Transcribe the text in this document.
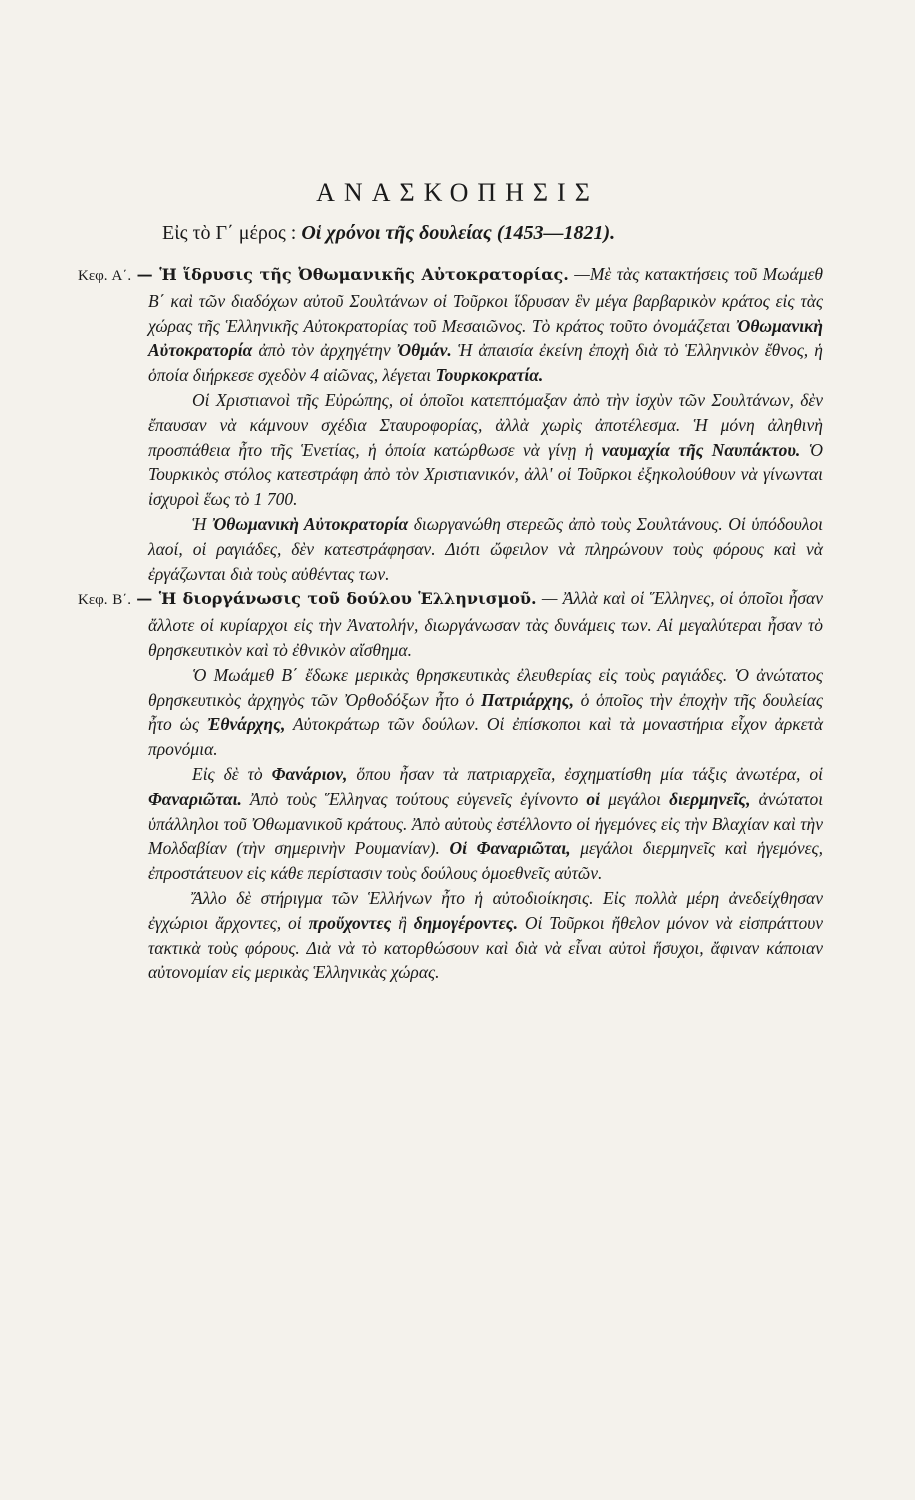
ΑΝΑΣΚΟΠΗΣΙΣ
Εἰς τὸ Γ΄ μέρος : Οἱ χρόνοι τῆς δουλείας (1453—1821).

Κεφ. Α΄. — Ἡ ἵδρυσις τῆς Ὀθωμανικῆς Αὐτοκρατορίας. —Μὲ τὰς κατακτήσεις τοῦ Μωάμεθ Β΄ καὶ τῶν διαδόχων αὐτοῦ Σουλτάνων οἱ Τοῦρκοι ἵδρυσαν ἓν μέγα βαρβαρικὸν κράτος εἰς τὰς χώρας τῆς Ἑλληνικῆς Αὐτοκρατορίας τοῦ Μεσαιῶνος. Τὸ κράτος τοῦτο ὀνομάζεται Ὀθωμανικὴ Αὐτοκρατορία ἀπὸ τὸν ἀρχηγέτην Ὀθμάν. Ἡ ἀπαισία ἐκείνη ἐποχὴ διὰ τὸ Ἑλληνικὸν ἔθνος, ἡ ὁποία διήρκεσε σχεδὸν 4 αἰῶνας, λέγεται Τουρκοκρατία.

Οἱ Χριστιανοὶ τῆς Εὐρώπης, οἱ ὁποῖοι κατεπτόμαξαν ἀπὸ τὴν ἰσχὺν τῶν Σουλτάνων, δὲν ἔπαυσαν νὰ κάμνουν σχέδια Σταυροφορίας, ἀλλὰ χωρὶς ἀποτέλεσμα. Ἡ μόνη ἀληθινὴ προσπάθεια ἦτο τῆς Ἑνετίας, ἡ ὁποία κατώρθωσε νὰ γίνῃ ἡ ναυμαχία τῆς Ναυπάκτου. Ὁ Τουρκικὸς στόλος κατεστράφη ἀπὸ τὸν Χριστιανικόν, ἀλλ' οἱ Τοῦρκοι ἐξηκολούθουν νὰ γίνωνται ἰσχυροὶ ἕως τὸ 1 700.

Ἡ Ὀθωμανικὴ Αὐτοκρατορία διωργανώθη στερεῶς ἀπὸ τοὺς Σουλτάνους. Οἱ ὑπόδουλοι λαοί, οἱ ραγιάδες, δὲν κατεστράφησαν. Διότι ὤφειλον νὰ πληρώνουν τοὺς φόρους καὶ νὰ ἐργάζωνται διὰ τοὺς αὐθέντας των.

Κεφ. Β΄. — Ἡ διοργάνωσις τοῦ δούλου Ἑλληνισμοῦ. — Ἀλλὰ καὶ οἱ Ἕλληνες, οἱ ὁποῖοι ἦσαν ἄλλοτε οἱ κυρίαρχοι εἰς τὴν Ἀνατολήν, διωργάνωσαν τὰς δυνάμεις των. Αἱ μεγαλύτεραι ἦσαν τὸ θρησκευτικὸν καὶ τὸ ἐθνικὸν αἴσθημα.

Ὁ Μωάμεθ Β΄ ἔδωκε μερικὰς θρησκευτικὰς ἐλευθερίας εἰς τοὺς ραγιάδες. Ὁ ἀνώτατος θρησκευτικὸς ἀρχηγὸς τῶν Ὀρθοδόξων ἦτο ὁ Πατριάρχης, ὁ ὁποῖος τὴν ἐποχὴν τῆς δουλείας ἦτο ὡς Ἐθνάρχης, Αὐτοκράτωρ τῶν δούλων. Οἱ ἐπίσκοποι καὶ τὰ μοναστήρια εἶχον ἀρκετὰ προνόμια.

Εἰς δὲ τὸ Φανάριον, ὅπου ἦσαν τὰ πατριαρχεῖα, ἐσχηματίσθη μία τάξις ἀνωτέρα, οἱ Φαναριῶται. Ἀπὸ τοὺς Ἕλληνας τούτους εὐγενεῖς ἐγίνοντο οἱ μεγάλοι διερμηνεῖς, ἀνώτατοι ὑπάλληλοι τοῦ Ὀθωμανικοῦ κράτους. Ἀπὸ αὐτοὺς ἐστέλλοντο οἱ ἡγεμόνες εἰς τὴν Βλαχίαν καὶ τὴν Μολδαβίαν (τὴν σημερινὴν Ρουμανίαν). Οἱ Φαναριῶται, μεγάλοι διερμηνεῖς καὶ ἡγεμόνες, ἐπροστάτευον εἰς κάθε περίστασιν τοὺς δούλους ὁμοεθνεῖς αὐτῶν.

Ἄλλο δὲ στήριγμα τῶν Ἑλλήνων ἦτο ἡ αὐτοδιοίκησις. Εἰς πολλὰ μέρη ἀνεδείχθησαν ἐγχώριοι ἄρχοντες, οἱ προὔχοντες ἢ δημογέροντες. Οἱ Τοῦρκοι ἤθελον μόνον νὰ εἰσπράττουν τακτικὰ τοὺς φόρους. Διὰ νὰ τὸ κατορθώσουν καὶ διὰ νὰ εἶναι αὐτοὶ ἥσυχοι, ἄφιναν κάποιαν αὐτονομίαν εἰς μερικὰς Ἑλληνικὰς χώρας.
